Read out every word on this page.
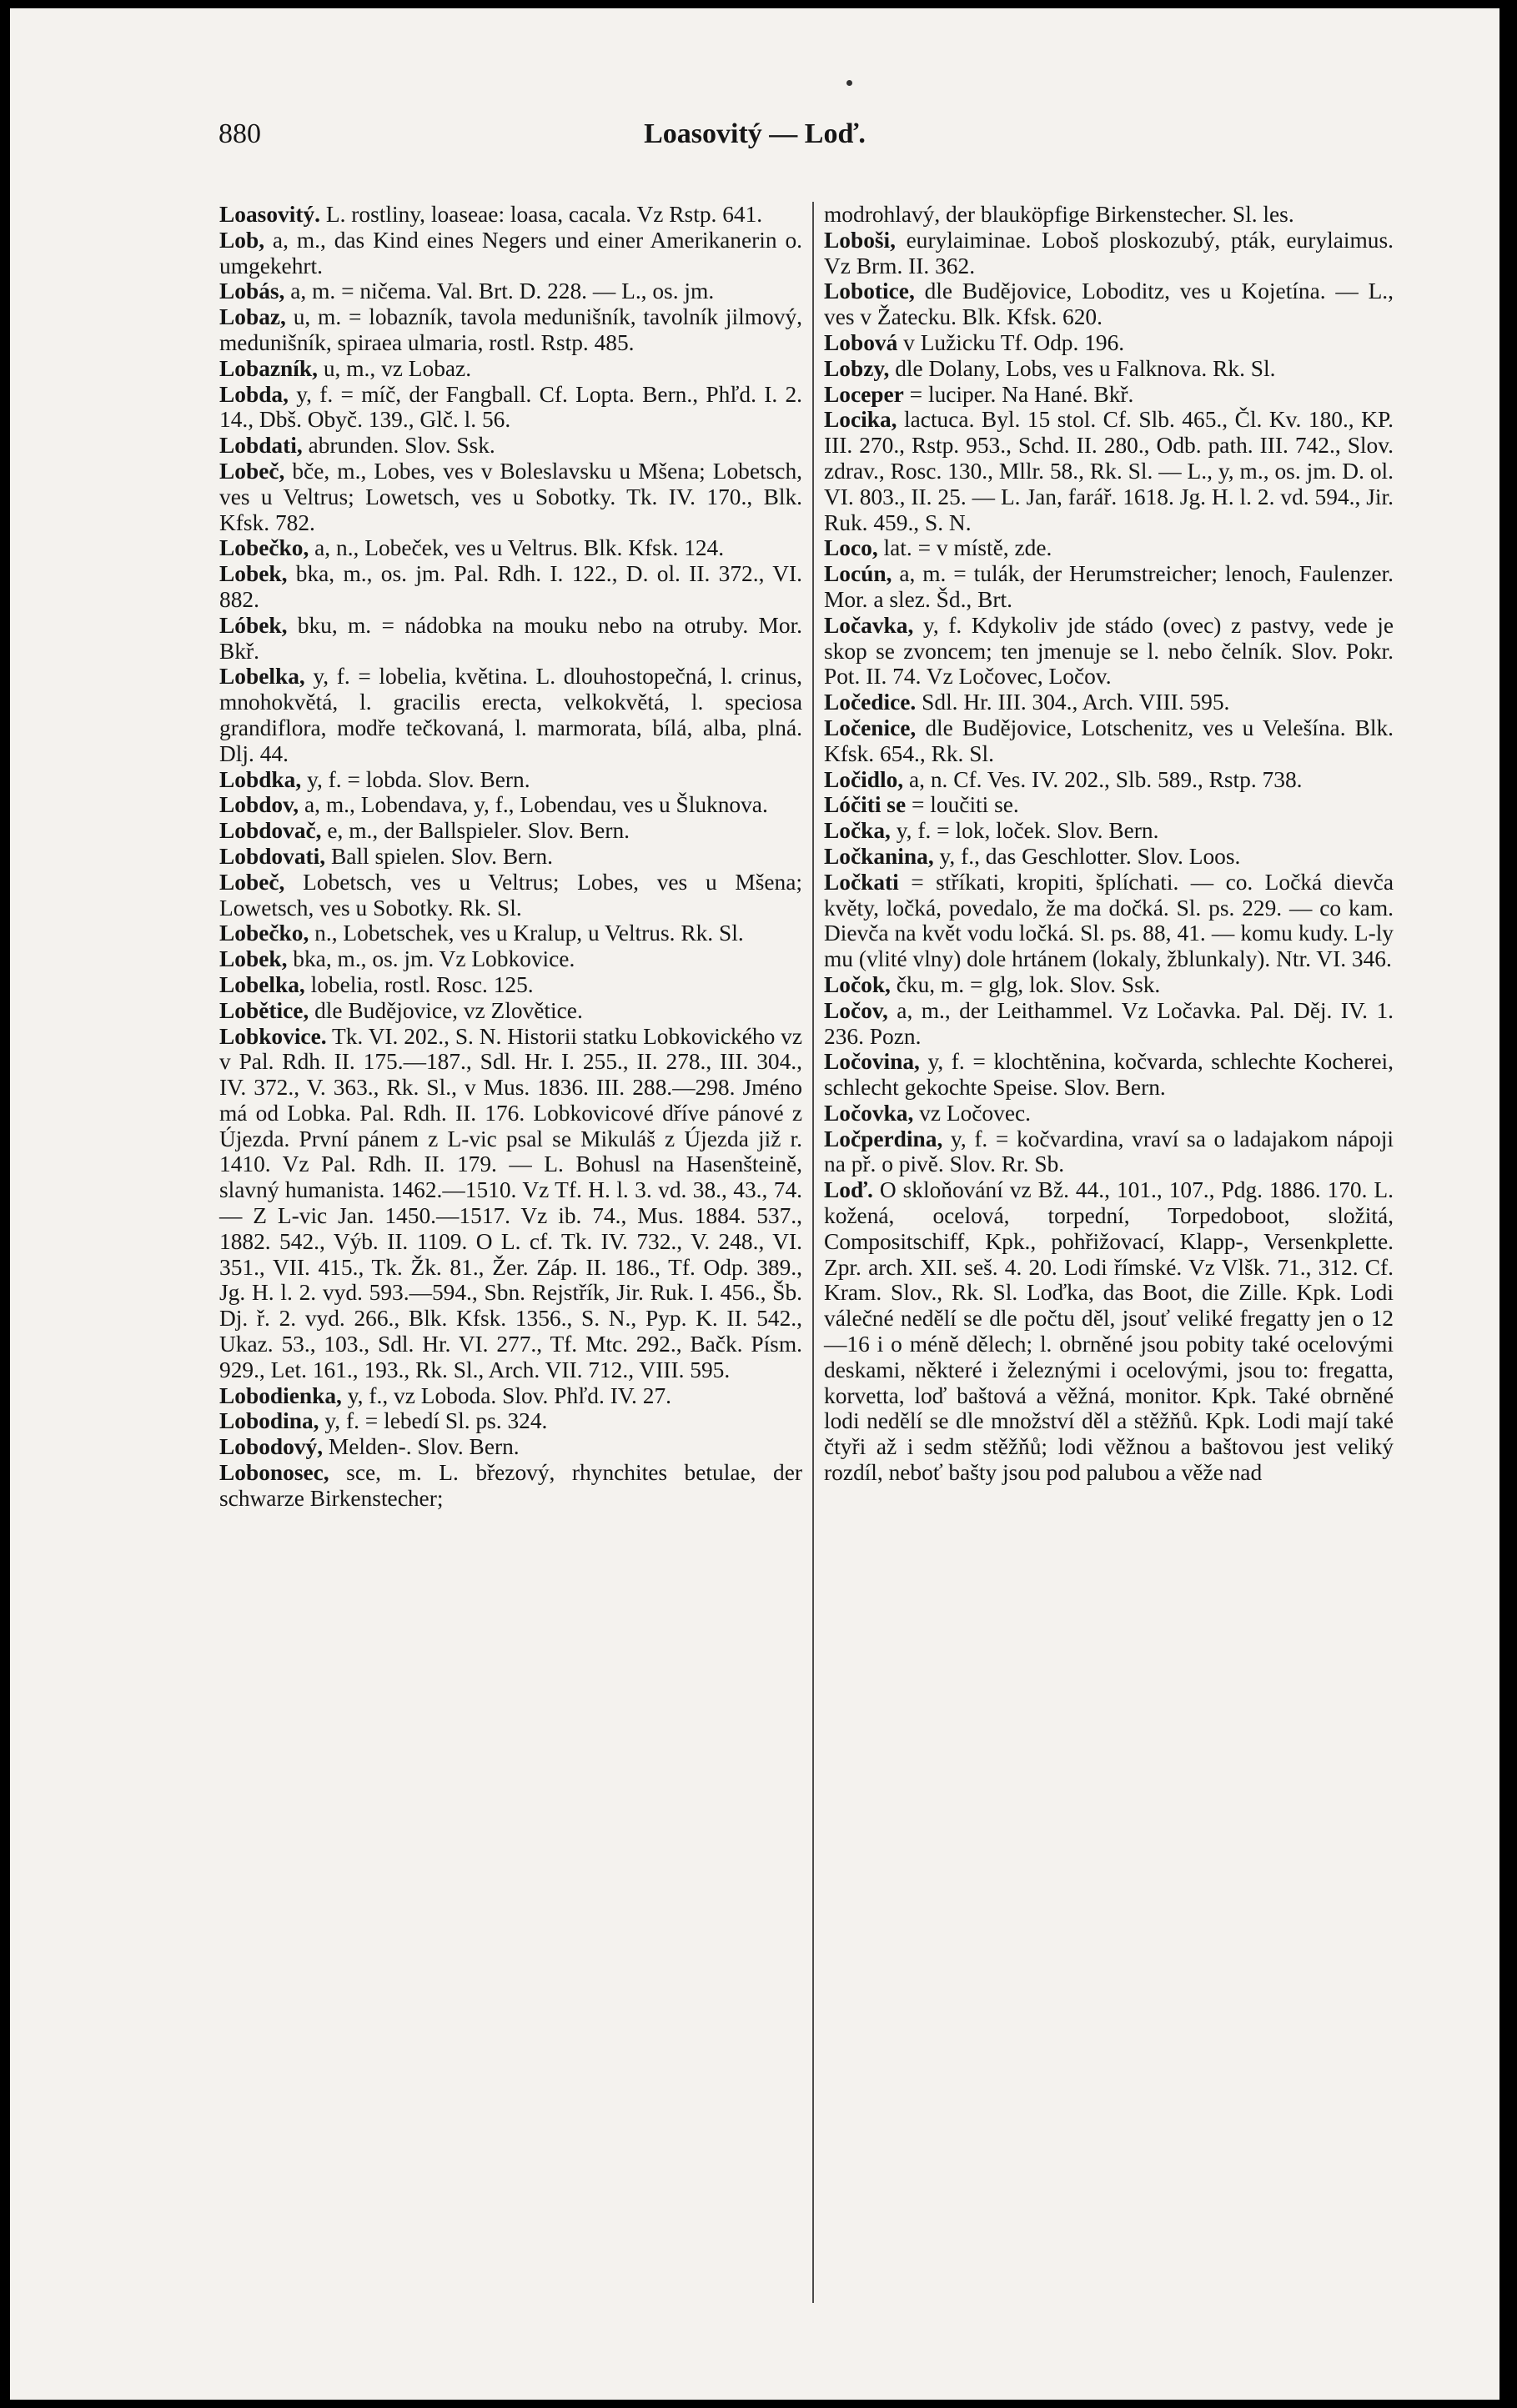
880	Loasovitý — Loď.

Loasovitý. L. rostliny, loaseae: loasa, cacala. Vz Rstp. 641.

Lob, a, m., das Kind eines Negers und einer Amerikanerin o. umgekehrt.

Lobás, a, m. = ničema. Val. Brt. D. 228. — L., os. jm.

Lobaz, u, m. = lobazník, tavola medunišník, tavolník jilmový, medunišník, spiraea ulmaria, rostl. Rstp. 485.

Lobazník, u, m., vz Lobaz.

Lobda, y, f. = míč, der Fangball. Cf. Lopta. Bern., Phľd. I. 2. 14., Dbš. Obyč. 139., Glč. l. 56.

Lobdati, abrunden. Slov. Ssk.

Lobeč, bče, m., Lobes, ves v Boleslavsku u Mšena; Lobetsch, ves u Veltrus; Lowetsch, ves u Sobotky. Tk. IV. 170., Blk. Kfsk. 782.

Lobečko, a, n., Lobeček, ves u Veltrus. Blk. Kfsk. 124.

Lobek, bka, m., os. jm. Pal. Rdh. I. 122., D. ol. II. 372., VI. 882.

Lóbek, bku, m. = nádobka na mouku nebo na otruby. Mor. Bkř.

Lobelka, y, f. = lobelia, květina. L. dlouhostopečná, l. crinus, mnohokvětá, l. gracilis erecta, velkokvětá, l. speciosa grandiflora, modře tečkovaná, l. marmorata, bílá, alba, plná. Dlj. 44.

Lobdka, y, f. = lobda. Slov. Bern.

Lobdov, a, m., Lobendava, y, f., Lobendau, ves u Šluknova.

Lobdovač, e, m., der Ballspieler. Slov. Bern.

Lobdovati, Ball spielen. Slov. Bern.

Lobeč, Lobetsch, ves u Veltrus; Lobes, ves u Mšena; Lowetsch, ves u Sobotky. Rk. Sl.

Lobečko, n., Lobetschek, ves u Kralup, u Veltrus. Rk. Sl.

Lobek, bka, m., os. jm. Vz Lobkovice.

Lobelka, lobelia, rostl. Rosc. 125.

Lobětice, dle Budějovice, vz Zlovětice.

Lobkovice. Tk. VI. 202., S. N. Historii statku Lobkovického vz v Pal. Rdh. II. 175.—187., Sdl. Hr. I. 255., II. 278., III. 304., IV. 372., V. 363., Rk. Sl., v Mus. 1836. III. 288.—298. Jméno má od Lobka. Pal. Rdh. II. 176. Lobkovicové dříve pánové z Újezda. První pánem z L-vic psal se Mikuláš z Újezda již r. 1410. Vz Pal. Rdh. II. 179. — L. Bohusl na Hasenšteině, slavný humanista. 1462.—1510. Vz Tf. H. l. 3. vd. 38., 43., 74. — Z L-vic Jan. 1450.—1517. Vz ib. 74., Mus. 1884. 537., 1882. 542., Výb. II. 1109. O L. cf. Tk. IV. 732., V. 248., VI. 351., VII. 415., Tk. Žk. 81., Žer. Záp. II. 186., Tf. Odp. 389., Jg. H. l. 2. vyd. 593.—594., Sbn. Rejstřík, Jir. Ruk. I. 456., Šb. Dj. ř. 2. vyd. 266., Blk. Kfsk. 1356., S. N., Pyp. K. II. 542., Ukaz. 53., 103., Sdl. Hr. VI. 277., Tf. Mtc. 292., Bačk. Písm. 929., Let. 161., 193., Rk. Sl., Arch. VII. 712., VIII. 595.

Lobodienka, y, f., vz Loboda. Slov. Phľd. IV. 27.

Lobodina, y, f. = lebedí Sl. ps. 324.

Lobodový, Melden-. Slov. Bern.

Lobonosec, sce, m. L. březový, rhynchites betulae, der schwarze Birkenstecher;

modrohlavý, der blauköpfige Birkenstecher. Sl. les.

Loboši, eurylaiminae. Loboš ploskozubý, pták, eurylaimus. Vz Brm. II. 362.

Lobotice, dle Budějovice, Loboditz, ves u Kojetína. — L., ves v Žatecku. Blk. Kfsk. 620.

Lobová v Lužicku Tf. Odp. 196.

Lobzy, dle Dolany, Lobs, ves u Falknova. Rk. Sl.

Loceper = luciper. Na Hané. Bkř.

Locika, lactuca. Byl. 15 stol. Cf. Slb. 465., Čl. Kv. 180., KP. III. 270., Rstp. 953., Schd. II. 280., Odb. path. III. 742., Slov. zdrav., Rosc. 130., Mllr. 58., Rk. Sl. — L., y, m., os. jm. D. ol. VI. 803., II. 25. — L. Jan, farář. 1618. Jg. H. l. 2. vd. 594., Jir. Ruk. 459., S. N.

Loco, lat. = v místě, zde.

Locún, a, m. = tulák, der Herumstreicher; lenoch, Faulenzer. Mor. a slez. Šd., Brt.

Ločavka, y, f. Kdykoliv jde stádo (ovec) z pastvy, vede je skop se zvoncem; ten jmenuje se l. nebo čelník. Slov. Pokr. Pot. II. 74. Vz Ločovec, Ločov.

Ločedice. Sdl. Hr. III. 304., Arch. VIII. 595.

Ločenice, dle Budějovice, Lotschenitz, ves u Velešína. Blk. Kfsk. 654., Rk. Sl.

Ločidlo, a, n. Cf. Ves. IV. 202., Slb. 589., Rstp. 738.

Lóčiti se = loučiti se.

Ločka, y, f. = lok, loček. Slov. Bern.

Ločkanina, y, f., das Geschlotter. Slov. Loos.

Ločkati = stříkati, kropiti, šplíchati. — co. Ločká dievča květy, ločká, povedalo, že ma dočká. Sl. ps. 229. — co kam. Dievča na květ vodu ločká. Sl. ps. 88, 41. — komu kudy. L-ly mu (vlité vlny) dole hrtánem (lokaly, žblunkaly). Ntr. VI. 346.

Ločok, čku, m. = glg, lok. Slov. Ssk.

Ločov, a, m., der Leithammel. Vz Ločavka. Pal. Děj. IV. 1. 236. Pozn.

Ločovina, y, f. = klochtěnina, kočvarda, schlechte Kocherei, schlecht gekochte Speise. Slov. Bern.

Ločovka, vz Ločovec.

Ločperdina, y, f. = kočvardina, vraví sa o ladajakom nápoji na př. o pivě. Slov. Rr. Sb.

Loď. O skloňování vz Bž. 44., 101., 107., Pdg. 1886. 170. L. kožená, ocelová, torpední, Torpedoboot, složitá, Compositschiff, Kpk., pohřižovací, Klapp-, Versenkplette. Zpr. arch. XII. seš. 4. 20. Lodi římské. Vz Vlšk. 71., 312. Cf. Kram. Slov., Rk. Sl. Loďka, das Boot, die Zille. Kpk. Lodi válečné nedělí se dle počtu děl, jsouť veliké fregatty jen o 12—16 i o méně dělech; l. obrněné jsou pobity také ocelovými deskami, některé i železnými i ocelovými, jsou to: fregatta, korvetta, loď baštová a věžná, monitor. Kpk. Také obrněné lodi nedělí se dle množství děl a stěžňů. Kpk. Lodi mají také čtyři až i sedm stěžňů; lodi věžnou a baštovou jest veliký rozdíl, neboť bašty jsou pod palubou a věže nad
